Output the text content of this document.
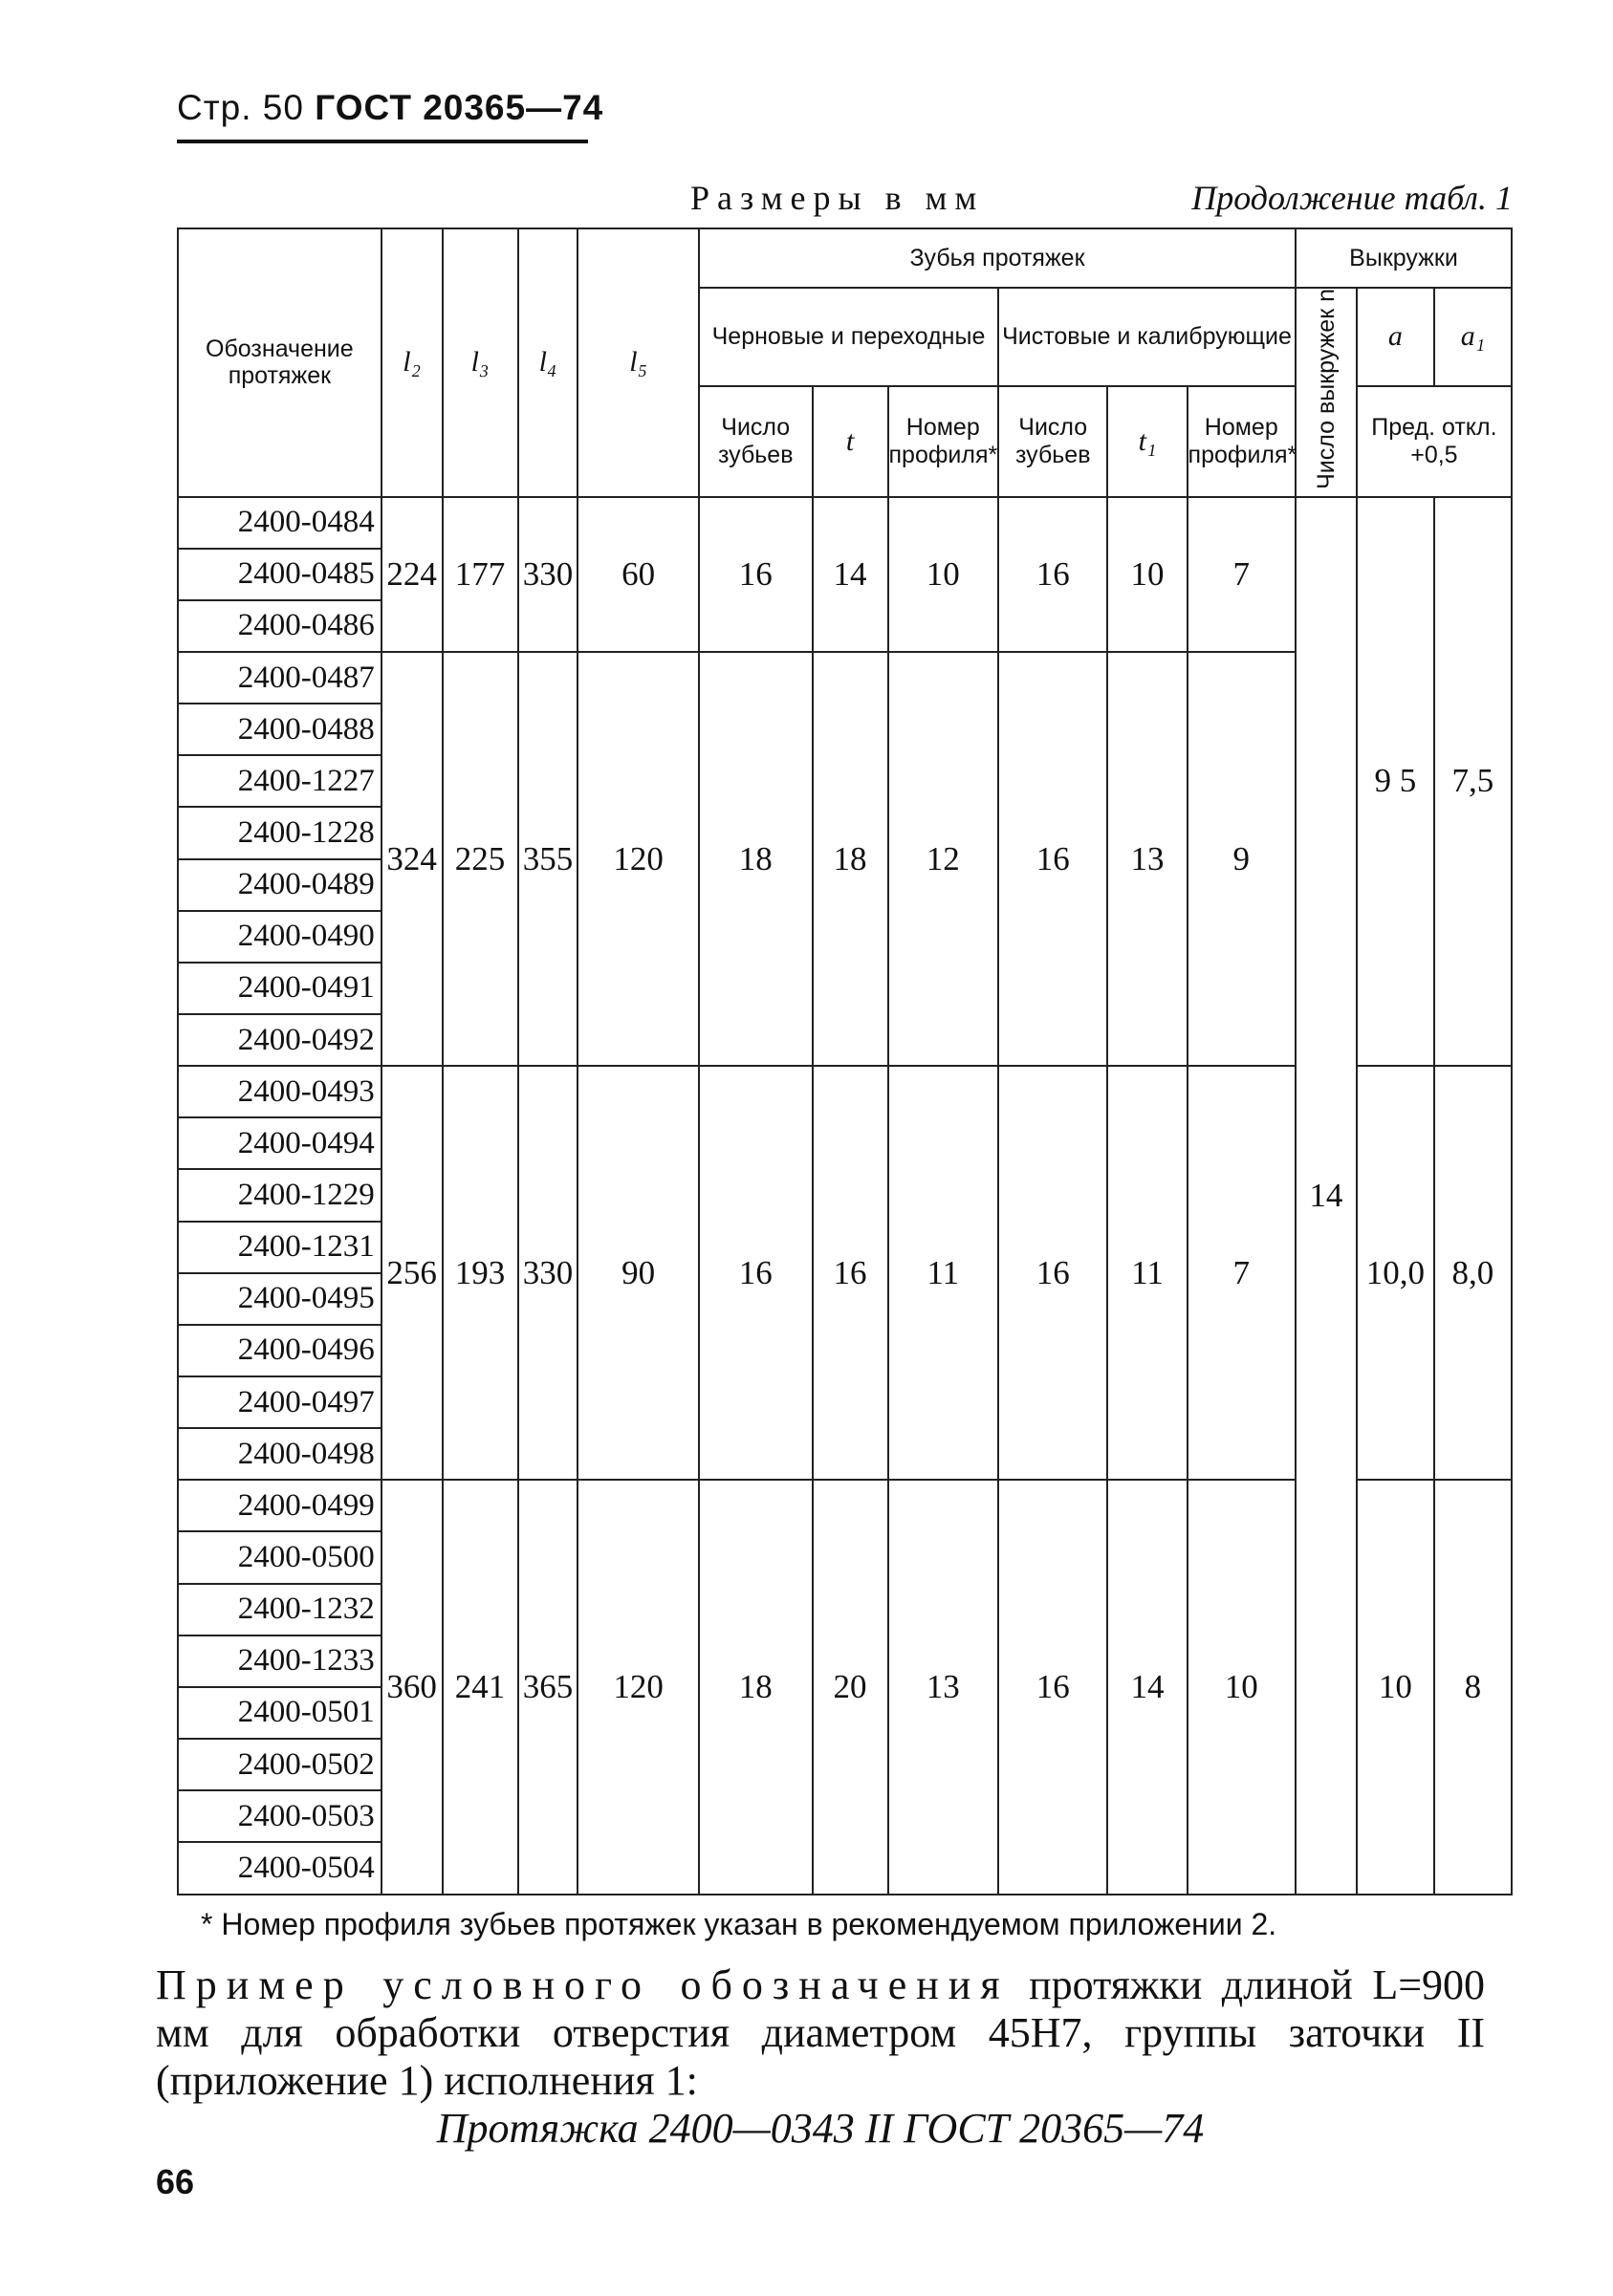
Стр. 50 ГОСТ 20365—74
Размеры в мм	Продолжение табл. 1
Обозначение протяжек	l₂	l₃	l₄	l₅	Зубья протяжек						Выкружки		
					Черновые и переходные			Чистовые и калибрующие			Число выкружек n	a	a₁
					Число зубьев	t	Номер профиля*	Число зубьев	t₁	Номер профиля*		Пред. откл. +0,5	
2400-0484	224	177	330	60	16	14	10	16	10	7	14	9 5	7,5
2400-0485													
2400-0486													
2400-0487	324	225	355	120	18	18	12	16	13	9			
2400-0488													
2400-1227													
2400-1228													
2400-0489													
2400-0490													
2400-0491													
2400-0492													
2400-0493	256	193	330	90	16	16	11	16	11	7		10,0	8,0
2400-0494													
2400-1229													
2400-1231													
2400-0495													
2400-0496													
2400-0497													
2400-0498													
2400-0499	360	241	365	120	18	20	13	16	14	10		10	8
2400-0500													
2400-1232													
2400-1233													
2400-0501													
2400-0502													
2400-0503													
2400-0504													
* Номер профиля зубьев протяжек указан в рекомендуемом приложении 2.
Пример условного обозначения протяжки длиной L=900 мм для обработки отверстия диаметром 45H7, группы заточки II (приложение 1) исполнения 1:
Протяжка 2400—0343 II ГОСТ 20365—74
66
